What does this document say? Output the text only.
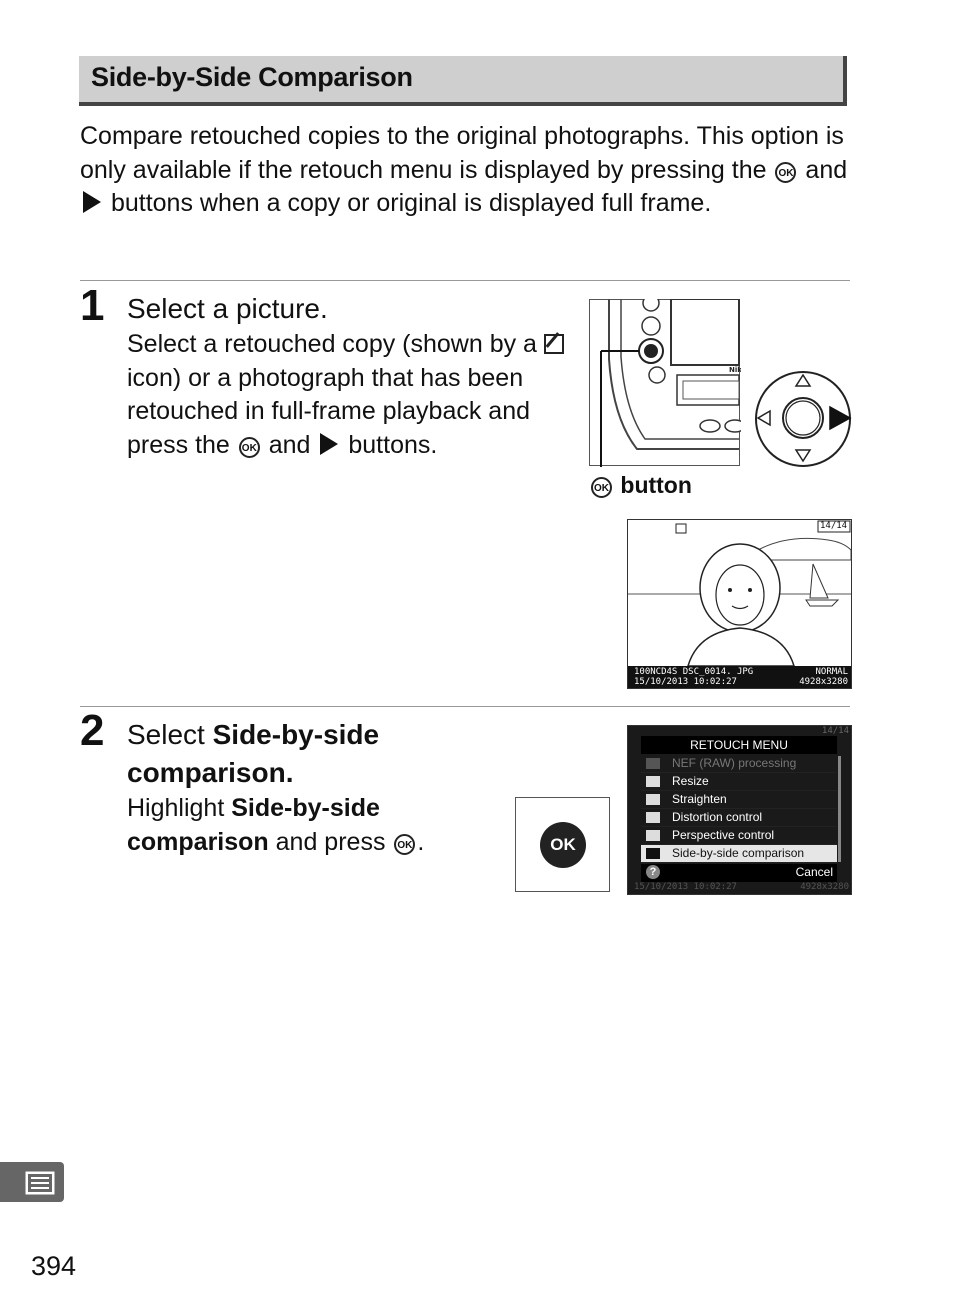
Side-by-Side Comparison
Compare retouched copies to the original photographs. This option is only available if the retouch menu is displayed by pressing the OK and  buttons when a copy or original is displayed full frame.
1 Select a picture.
Select a retouched copy (shown by a icon) or a photograph that has been retouched in full-frame playback and press the OK and buttons.
Nik
OK button
14/14
100NCD4S DSC_0014. JPG	NORMAL
15/10/2013 10:02:27	4928x3280
2 Select Side-by-side comparison.
Highlight Side-by-side comparison and press OK .	OK
14/14
RETOUCH MENU
NEF (RAW) processing
Resize
Straighten
Distortion control
Perspective control
Side-by-side comparison
?	Cancel
15/10/2013 10:02:27	4928x3280
394
